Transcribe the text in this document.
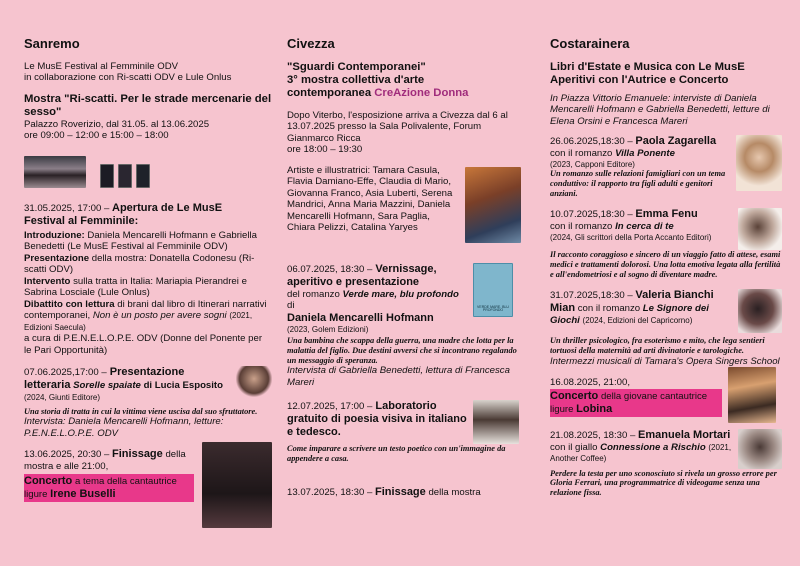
Sanremo
Le MusE Festival al Femminile ODV
in collaborazione con Ri-scatti ODV e Lule Onlus
Mostra "Ri-scatti. Per le strade mercenarie del sesso"
Palazzo Roverizio, dal 31.05. al 13.06.2025
ore 09:00 – 12:00 e 15:00 – 18:00
31.05.2025, 17:00 – Apertura de Le MusE
Festival al Femminile:
Introduzione: Daniela Mencarelli Hofmann e Gabriella Benedetti (Le MusE Festival al Femminile ODV)
Presentazione della mostra: Donatella Codonesu (Ri-scatti ODV)
Intervento sulla tratta in Italia: Mariapia Pierandrei e Sabrina Losciale (Lule Onlus)
Dibattito con lettura di brani dal libro di Itinerari narrativi contemporanei, Non è un posto per avere sogni (2021, Edizioni Saecula)
a cura di P.E.N.E.L.O.P.E. ODV (Donne del Ponente per le Pari Opportunità)
07.06.2025,17:00 – Presentazione
letteraria Sorelle spaiate di Lucia Esposito (2024, Giunti Editore)
Una storia di tratta in cui la vittima viene uscisa dal suo sfruttatore.
Intervista: Daniela Mencarelli Hofmann, letture: P.E.N.E.L.O.P.E. ODV
13.06.2025, 20:30 – Finissage della mostra e alle 21:00,
Concerto a tema della cantautrice
ligure Irene Buselli
Civezza
"Sguardi Contemporanei"
3° mostra collettiva d'arte
contemporanea CreAzione Donna
Dopo Viterbo, l'esposizione arriva a Civezza dal 6 al 13.07.2025 presso la Sala Polivalente, Forum Gianmarco Ricca
ore 18:00 – 19:30
Artiste e illustratrici: Tamara Casula, Flavia Damiano-Effe, Claudia di Mario, Giovanna Franco, Asia Luberti, Serena Mandrici, Anna Maria Mazzini, Daniela Mencarelli Hofmann, Sara Paglia, Chiara Pelizzi, Catalina Yaryes
06.07.2025, 18:30 – Vernissage, aperitivo e presentazione
del romanzo Verde mare, blu profondo di
Daniela Mencarelli Hofmann
(2023, Golem Edizioni)
VERDE MARE, BLU PROFONDO
Una bambina che scappa della guerra, una madre che lotta per la malattia del figlio. Due destini avversi che si incontrano regalando un messaggio di speranza.
Intervista di Gabriella Benedetti, lettura di Francesca Mareri
12.07.2025, 17:00 – Laboratorio gratuito di poesia visiva in italiano e tedesco.
Come imparare a scrivere un testo poetico con un'immagine da appendere a casa.
13.07.2025, 18:30 – Finissage della mostra
Costarainera
Libri d'Estate e Musica con Le MusE Aperitivi con l'Autrice e Concerto
In Piazza Vittorio Emanuele: interviste di Daniela Mencarelli Hofmann e Gabriella Benedetti, letture di Elena Orsini e Francesca Mareri
26.06.2025,18:30 – Paola Zagarella
con il romanzo Villa Ponente
(2023, Capponi Editore)
Un romanzo sulle relazioni famigliari con un tema conduttivo: il rapporto tra figli adulti e genitori anziani.
10.07.2025,18:30 – Emma Fenu
con il romanzo In cerca di te
(2024, Gli scrittori della Porta Accanto Editori)
Il racconto coraggioso e sincero di un viaggio fatto di attese, esami medici e trattamenti dolorosi. Una lotta emotiva legata alla fertilità e all'endometriosi e al sogno di diventare madre.
31.07.2025,18:30 – Valeria Bianchi Mian con il romanzo Le Signore dei Giochi (2024, Edizioni del Capricorno)
Un thriller psicologico, fra esoterismo e mito, che lega sentieri tortuosi della maternità ad arti divinatorie e tarologiche.
Intermezzi musicali di Tamara's Opera Singers School
16.08.2025, 21:00,
Concerto della giovane cantautrice
ligure Lobina
21.08.2025, 18:30 – Emanuela Mortari con il giallo Connessione a Rischio (2021, Another Coffee)
Perdere la testa per uno sconosciuto si rivela un grosso errore per Gloria Ferrari, una programmatrice di videogame senza una relazione fissa.
